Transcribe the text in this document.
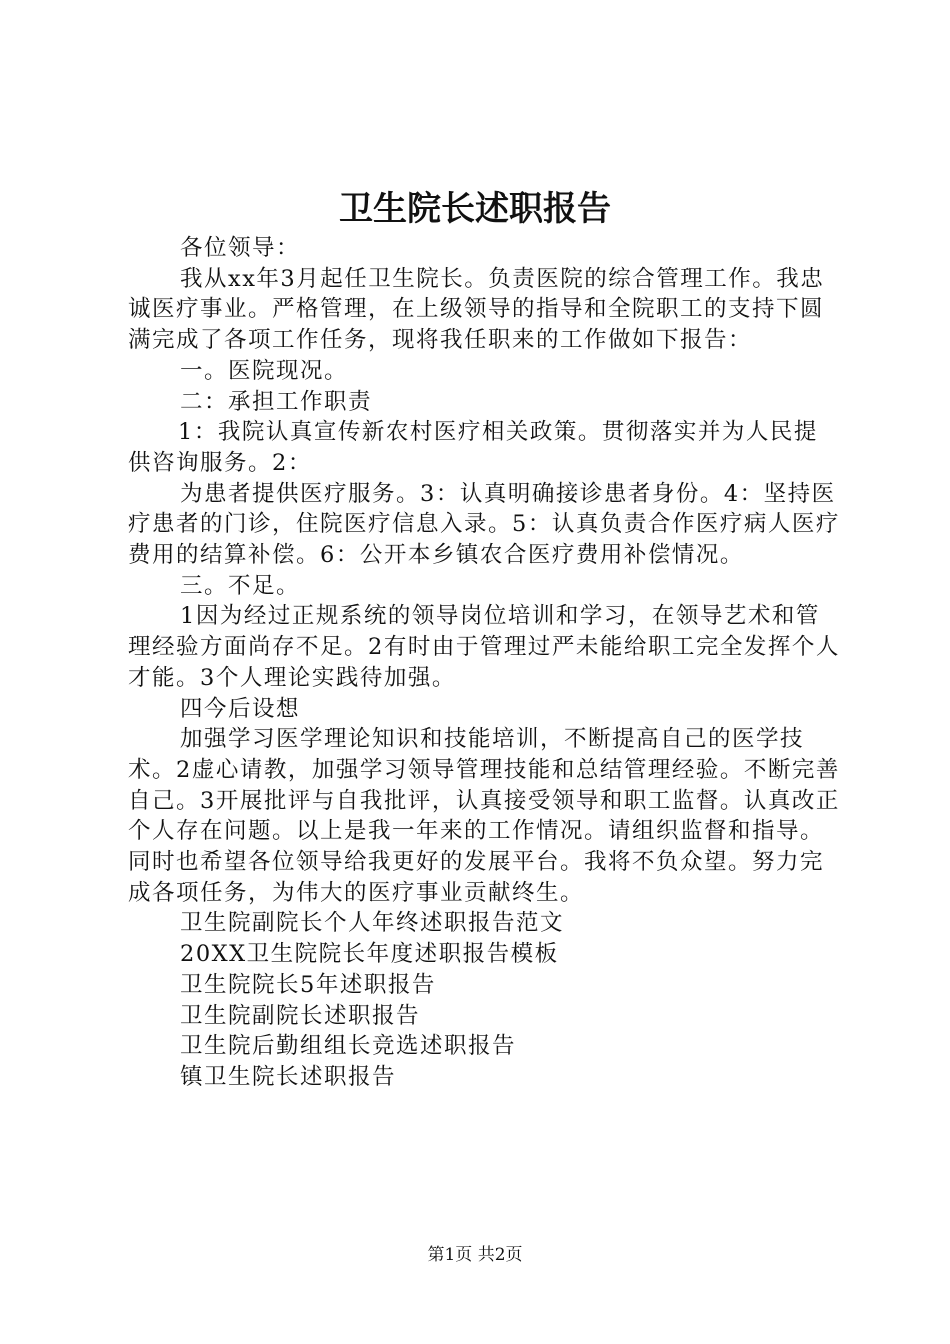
卫生院长述职报告

各位领导：

我从xx年3月起任卫生院长。负责医院的综合管理工作。我忠诚医疗事业。严格管理，在上级领导的指导和全院职工的支持下圆满完成了各项工作任务，现将我任职来的工作做如下报告：

一。医院现况。

二：承担工作职责

1：我院认真宣传新农村医疗相关政策。贯彻落实并为人民提供咨询服务。2：

为患者提供医疗服务。3：认真明确接诊患者身份。4：坚持医疗患者的门诊，住院医疗信息入录。5：认真负责合作医疗病人医疗费用的结算补偿。6：公开本乡镇农合医疗费用补偿情况。

三。不足。

1因为经过正规系统的领导岗位培训和学习，在领导艺术和管理经验方面尚存不足。2有时由于管理过严未能给职工完全发挥个人才能。3个人理论实践待加强。

四今后设想

加强学习医学理论知识和技能培训，不断提高自己的医学技术。2虚心请教，加强学习领导管理技能和总结管理经验。不断完善自己。3开展批评与自我批评，认真接受领导和职工监督。认真改正个人存在问题。以上是我一年来的工作情况。请组织监督和指导。同时也希望各位领导给我更好的发展平台。我将不负众望。努力完成各项任务，为伟大的医疗事业贡献终生。

卫生院副院长个人年终述职报告范文

20XX卫生院院长年度述职报告模板

卫生院院长5年述职报告

卫生院副院长述职报告

卫生院后勤组组长竞选述职报告

镇卫生院长述职报告

第1页 共2页
